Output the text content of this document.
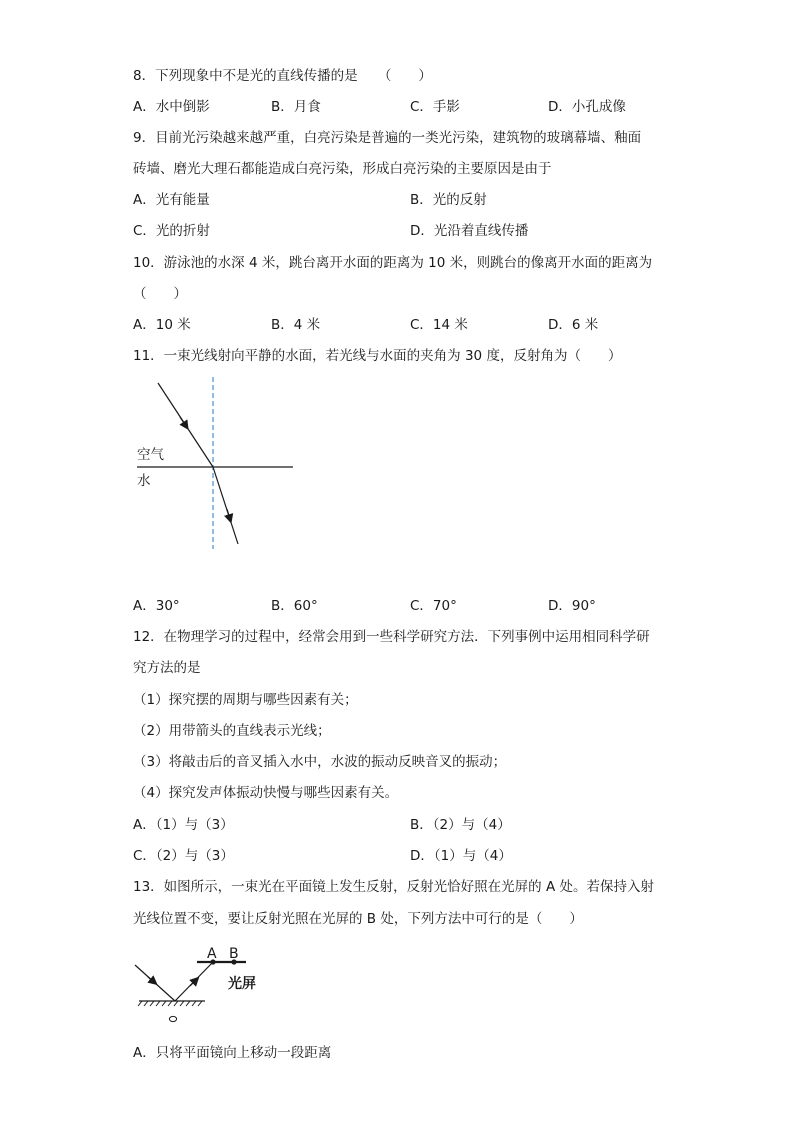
8．下列现象中不是光的直线传播的是　　（　　）
A．水中倒影	B．月食	C．手影	D．小孔成像
9．目前光污染越来越严重，白亮污染是普遍的一类光污染，建筑物的玻璃幕墙、釉面
砖墙、磨光大理石都能造成白亮污染，形成白亮污染的主要原因是由于
A．光有能量	B．光的反射
C．光的折射	D．光沿着直线传播
10．游泳池的水深 4 米，跳台离开水面的距离为 10 米，则跳台的像离开水面的距离为
（　　）
A．10 米	B．4 米	C．14 米	D．6 米
11．一束光线射向平静的水面，若光线与水面的夹角为 30 度，反射角为（　　）
空气
水
A．30°	B．60°	C．70°	D．90°
12．在物理学习的过程中，经常会用到一些科学研究方法．下列事例中运用相同科学研
究方法的是
（1）探究摆的周期与哪些因素有关；
（2）用带箭头的直线表示光线；
（3）将敲击后的音叉插入水中，水波的振动反映音叉的振动；
（4）探究发声体振动快慢与哪些因素有关。
A．（1）与（3）	B．（2）与（4）
C．（2）与（3）	D．（1）与（4）
13．如图所示，一束光在平面镜上发生反射，反射光恰好照在光屏的 A 处。若保持入射
光线位置不变，要让反射光照在光屏的 B 处，下列方法中可行的是（　　）
A B
光屏
A．只将平面镜向上移动一段距离
